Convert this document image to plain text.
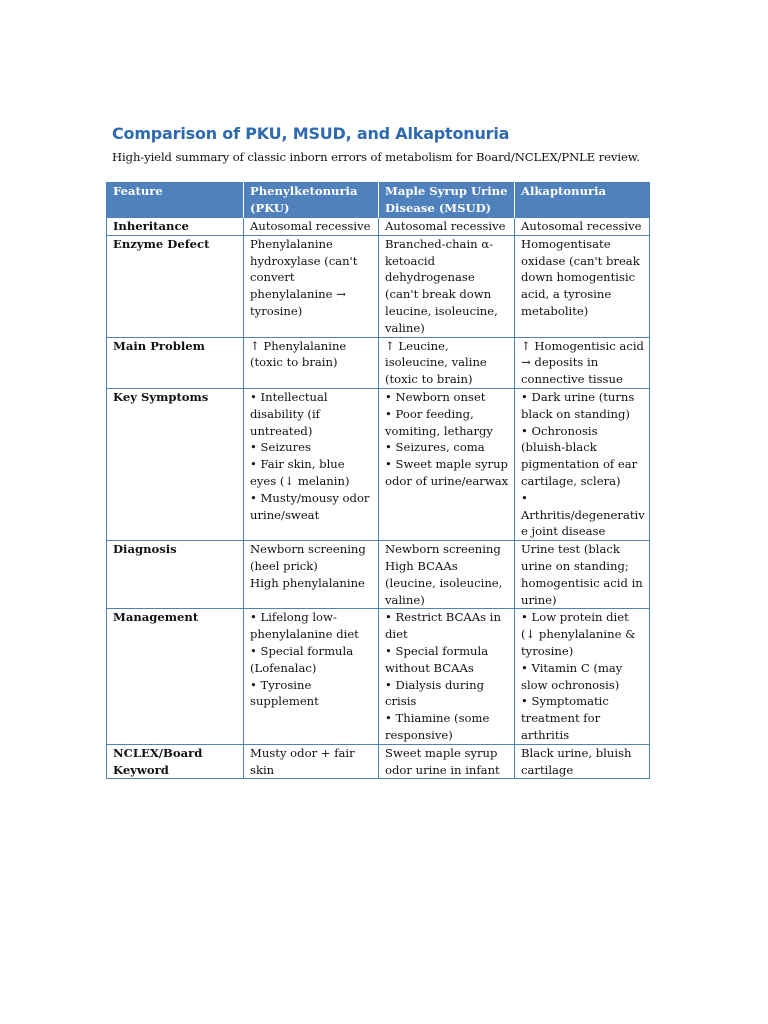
Comparison of PKU, MSUD, and Alkaptonuria

High-yield summary of classic inborn errors of metabolism for Board/NCLEX/PNLE review.

Feature	Phenylketonuria (PKU)	Maple Syrup Urine Disease (MSUD)	Alkaptonuria
Inheritance	Autosomal recessive	Autosomal recessive	Autosomal recessive

Enzyme Defect	Phenylalanine hydroxylase (can't convert phenylalanine → tyrosine)	Branched-chain α-ketoacid dehydrogenase (can't break down leucine, isoleucine, valine)	Homogentisate oxidase (can't break down homogentisic acid, a tyrosine metabolite)

Main Problem	↑ Phenylalanine (toxic to brain)	↑ Leucine, isoleucine, valine (toxic to brain)	↑ Homogentisic acid → deposits in connective tissue

Key Symptoms	• Intellectual disability (if untreated)
• Seizures
• Fair skin, blue eyes (↓ melanin)
• Musty/mousy odor urine/sweat	• Newborn onset
• Poor feeding, vomiting, lethargy
• Seizures, coma
• Sweet maple syrup odor of urine/earwax	• Dark urine (turns black on standing)
• Ochronosis (bluish-black pigmentation of ear cartilage, sclera)
• Arthritis/degenerative joint disease

Diagnosis	Newborn screening (heel prick)
High phenylalanine	Newborn screening
High BCAAs (leucine, isoleucine, valine)	Urine test (black urine on standing; homogentisic acid in urine)

Management	• Lifelong low-phenylalanine diet
• Special formula (Lofenalac)
• Tyrosine supplement	• Restrict BCAAs in diet
• Special formula without BCAAs
• Dialysis during crisis
• Thiamine (some responsive)	• Low protein diet (↓ phenylalanine & tyrosine)
• Vitamin C (may slow ochronosis)
• Symptomatic treatment for arthritis

NCLEX/Board Keyword	Musty odor + fair skin	Sweet maple syrup odor urine in infant	Black urine, bluish cartilage
